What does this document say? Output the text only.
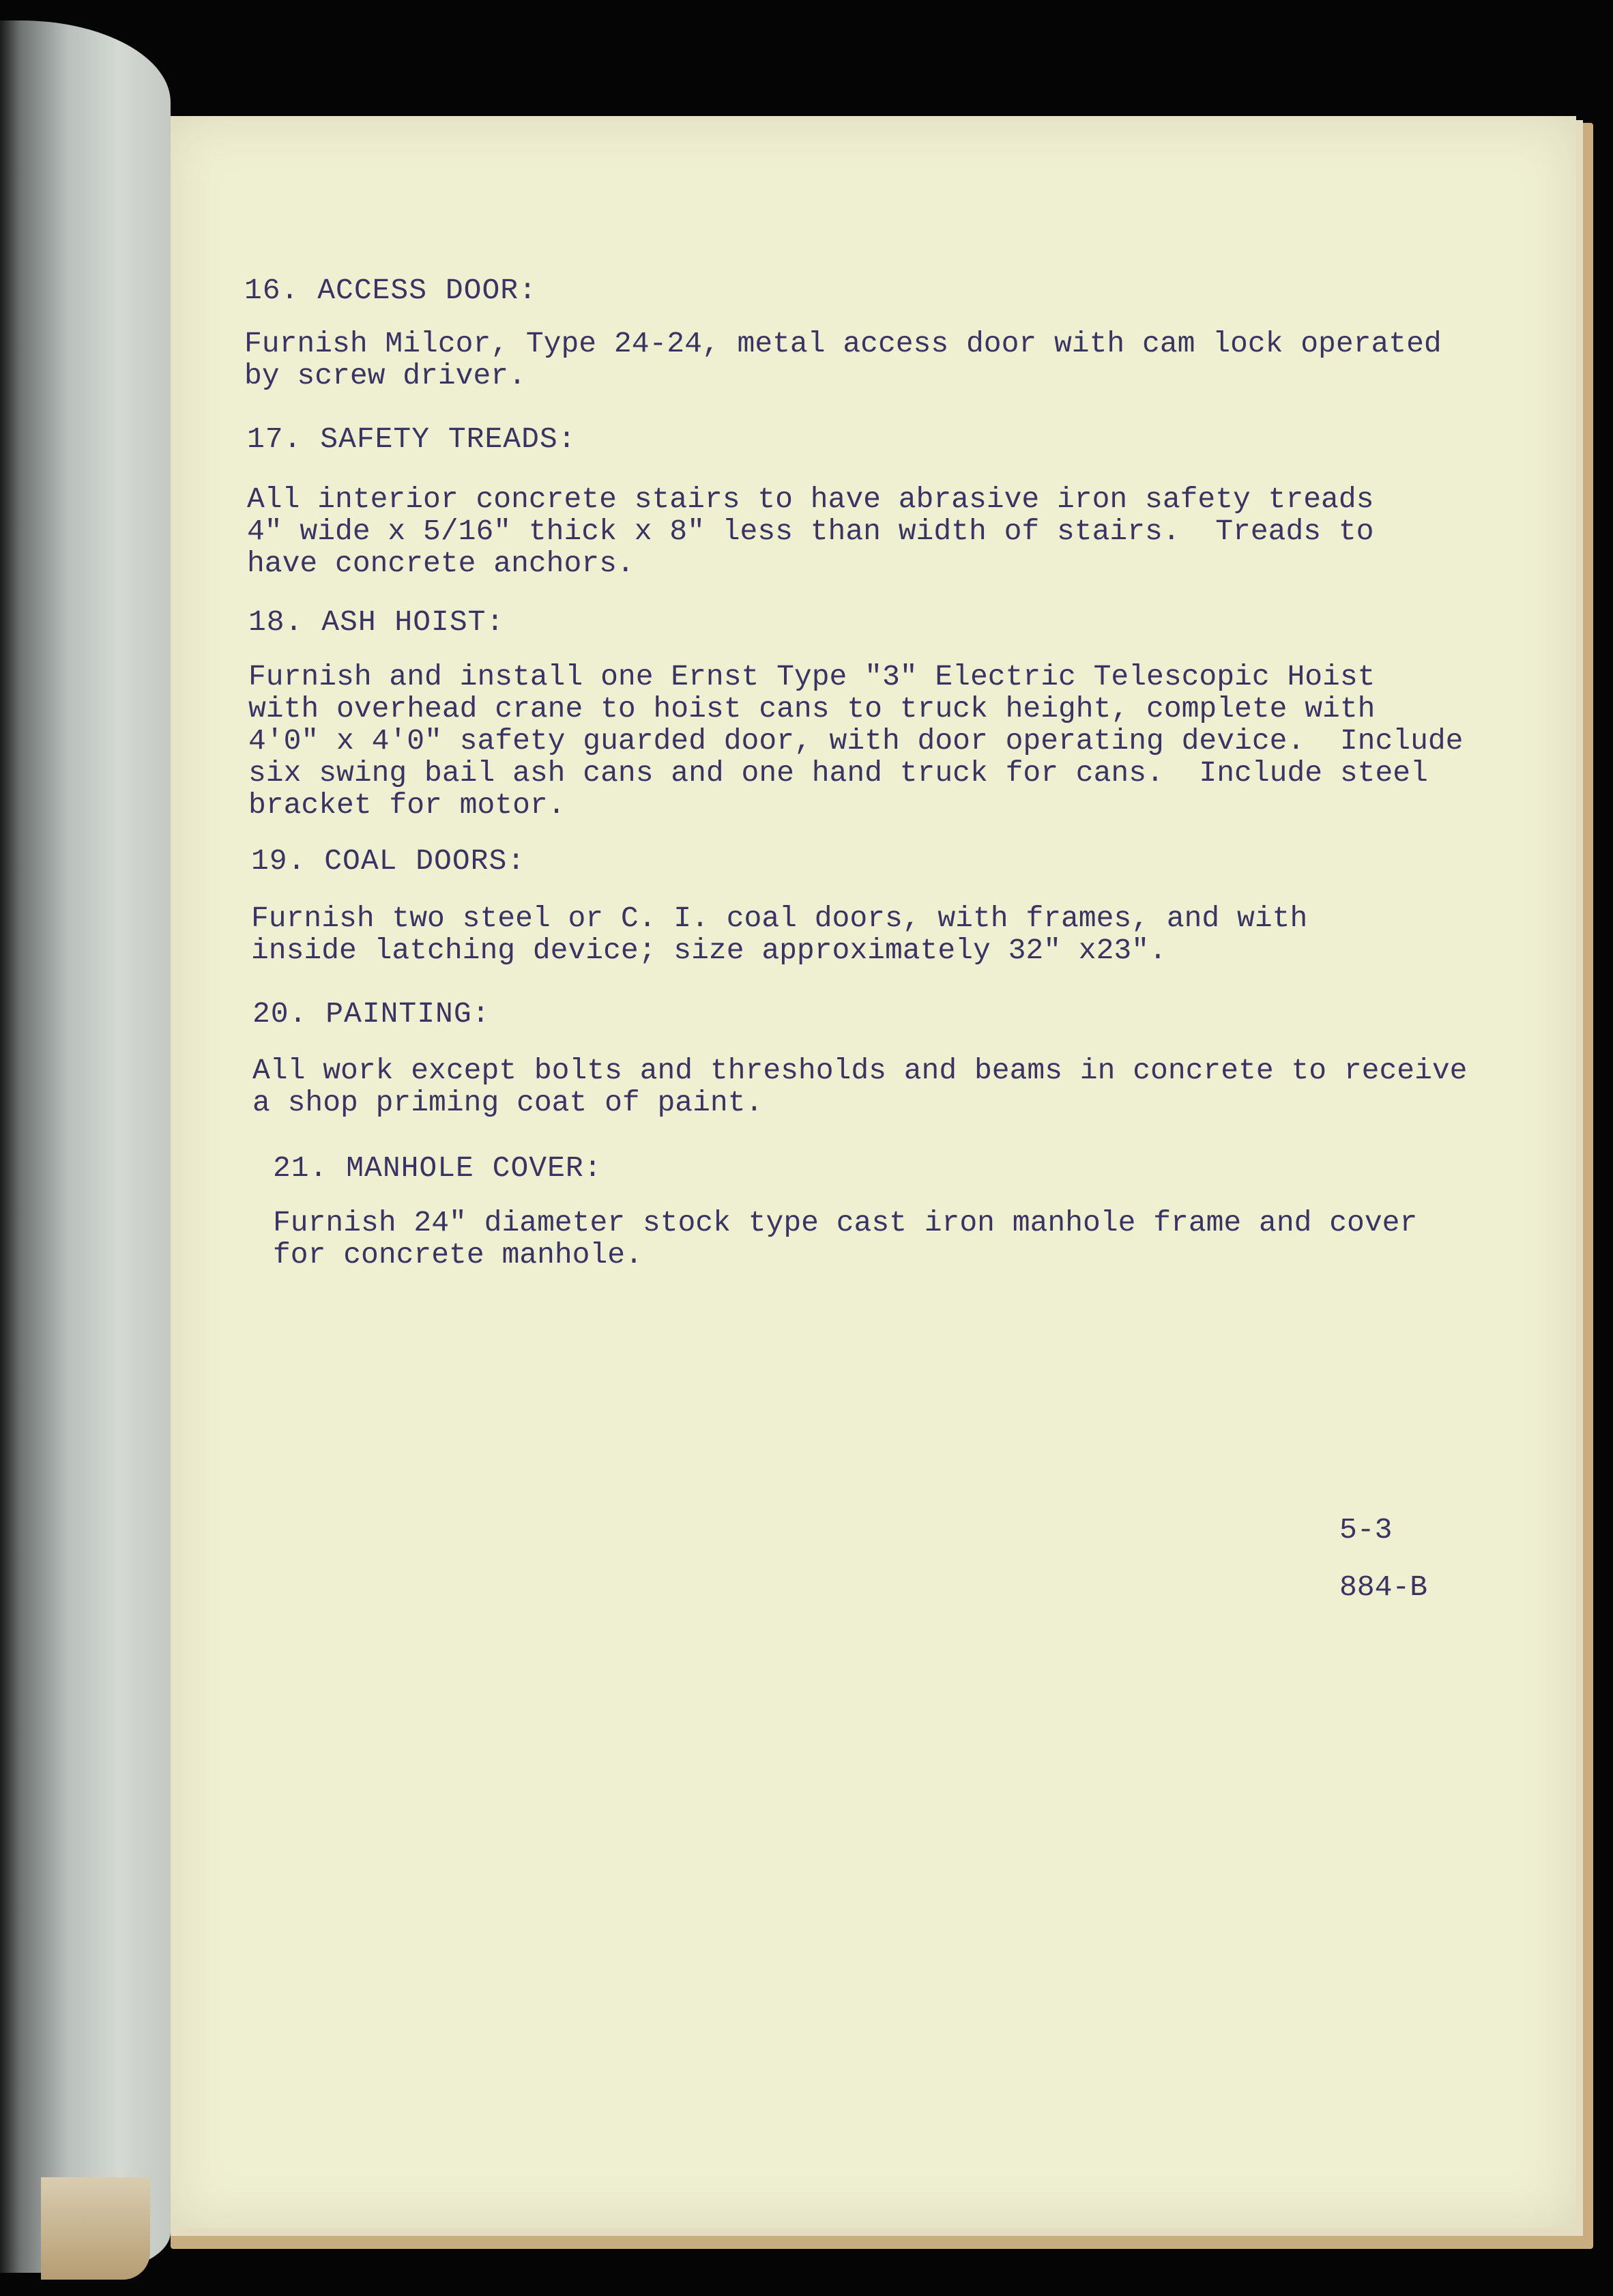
16. ACCESS DOOR:
Furnish Milcor, Type 24-24, metal access door with cam lock operated
by screw driver.
17. SAFETY TREADS:
All interior concrete stairs to have abrasive iron safety treads
4" wide x 5/16" thick x 8" less than width of stairs.  Treads to
have concrete anchors.
18. ASH HOIST:
Furnish and install one Ernst Type "3" Electric Telescopic Hoist
with overhead crane to hoist cans to truck height, complete with
4'0" x 4'0" safety guarded door, with door operating device.  Include
six swing bail ash cans and one hand truck for cans.  Include steel
bracket for motor.
19. COAL DOORS:
Furnish two steel or C. I. coal doors, with frames, and with
inside latching device; size approximately 32" x23".
20. PAINTING:
All work except bolts and thresholds and beams in concrete to receive
a shop priming coat of paint.
21. MANHOLE COVER:
Furnish 24" diameter stock type cast iron manhole frame and cover
for concrete manhole.
5-3
884-B
